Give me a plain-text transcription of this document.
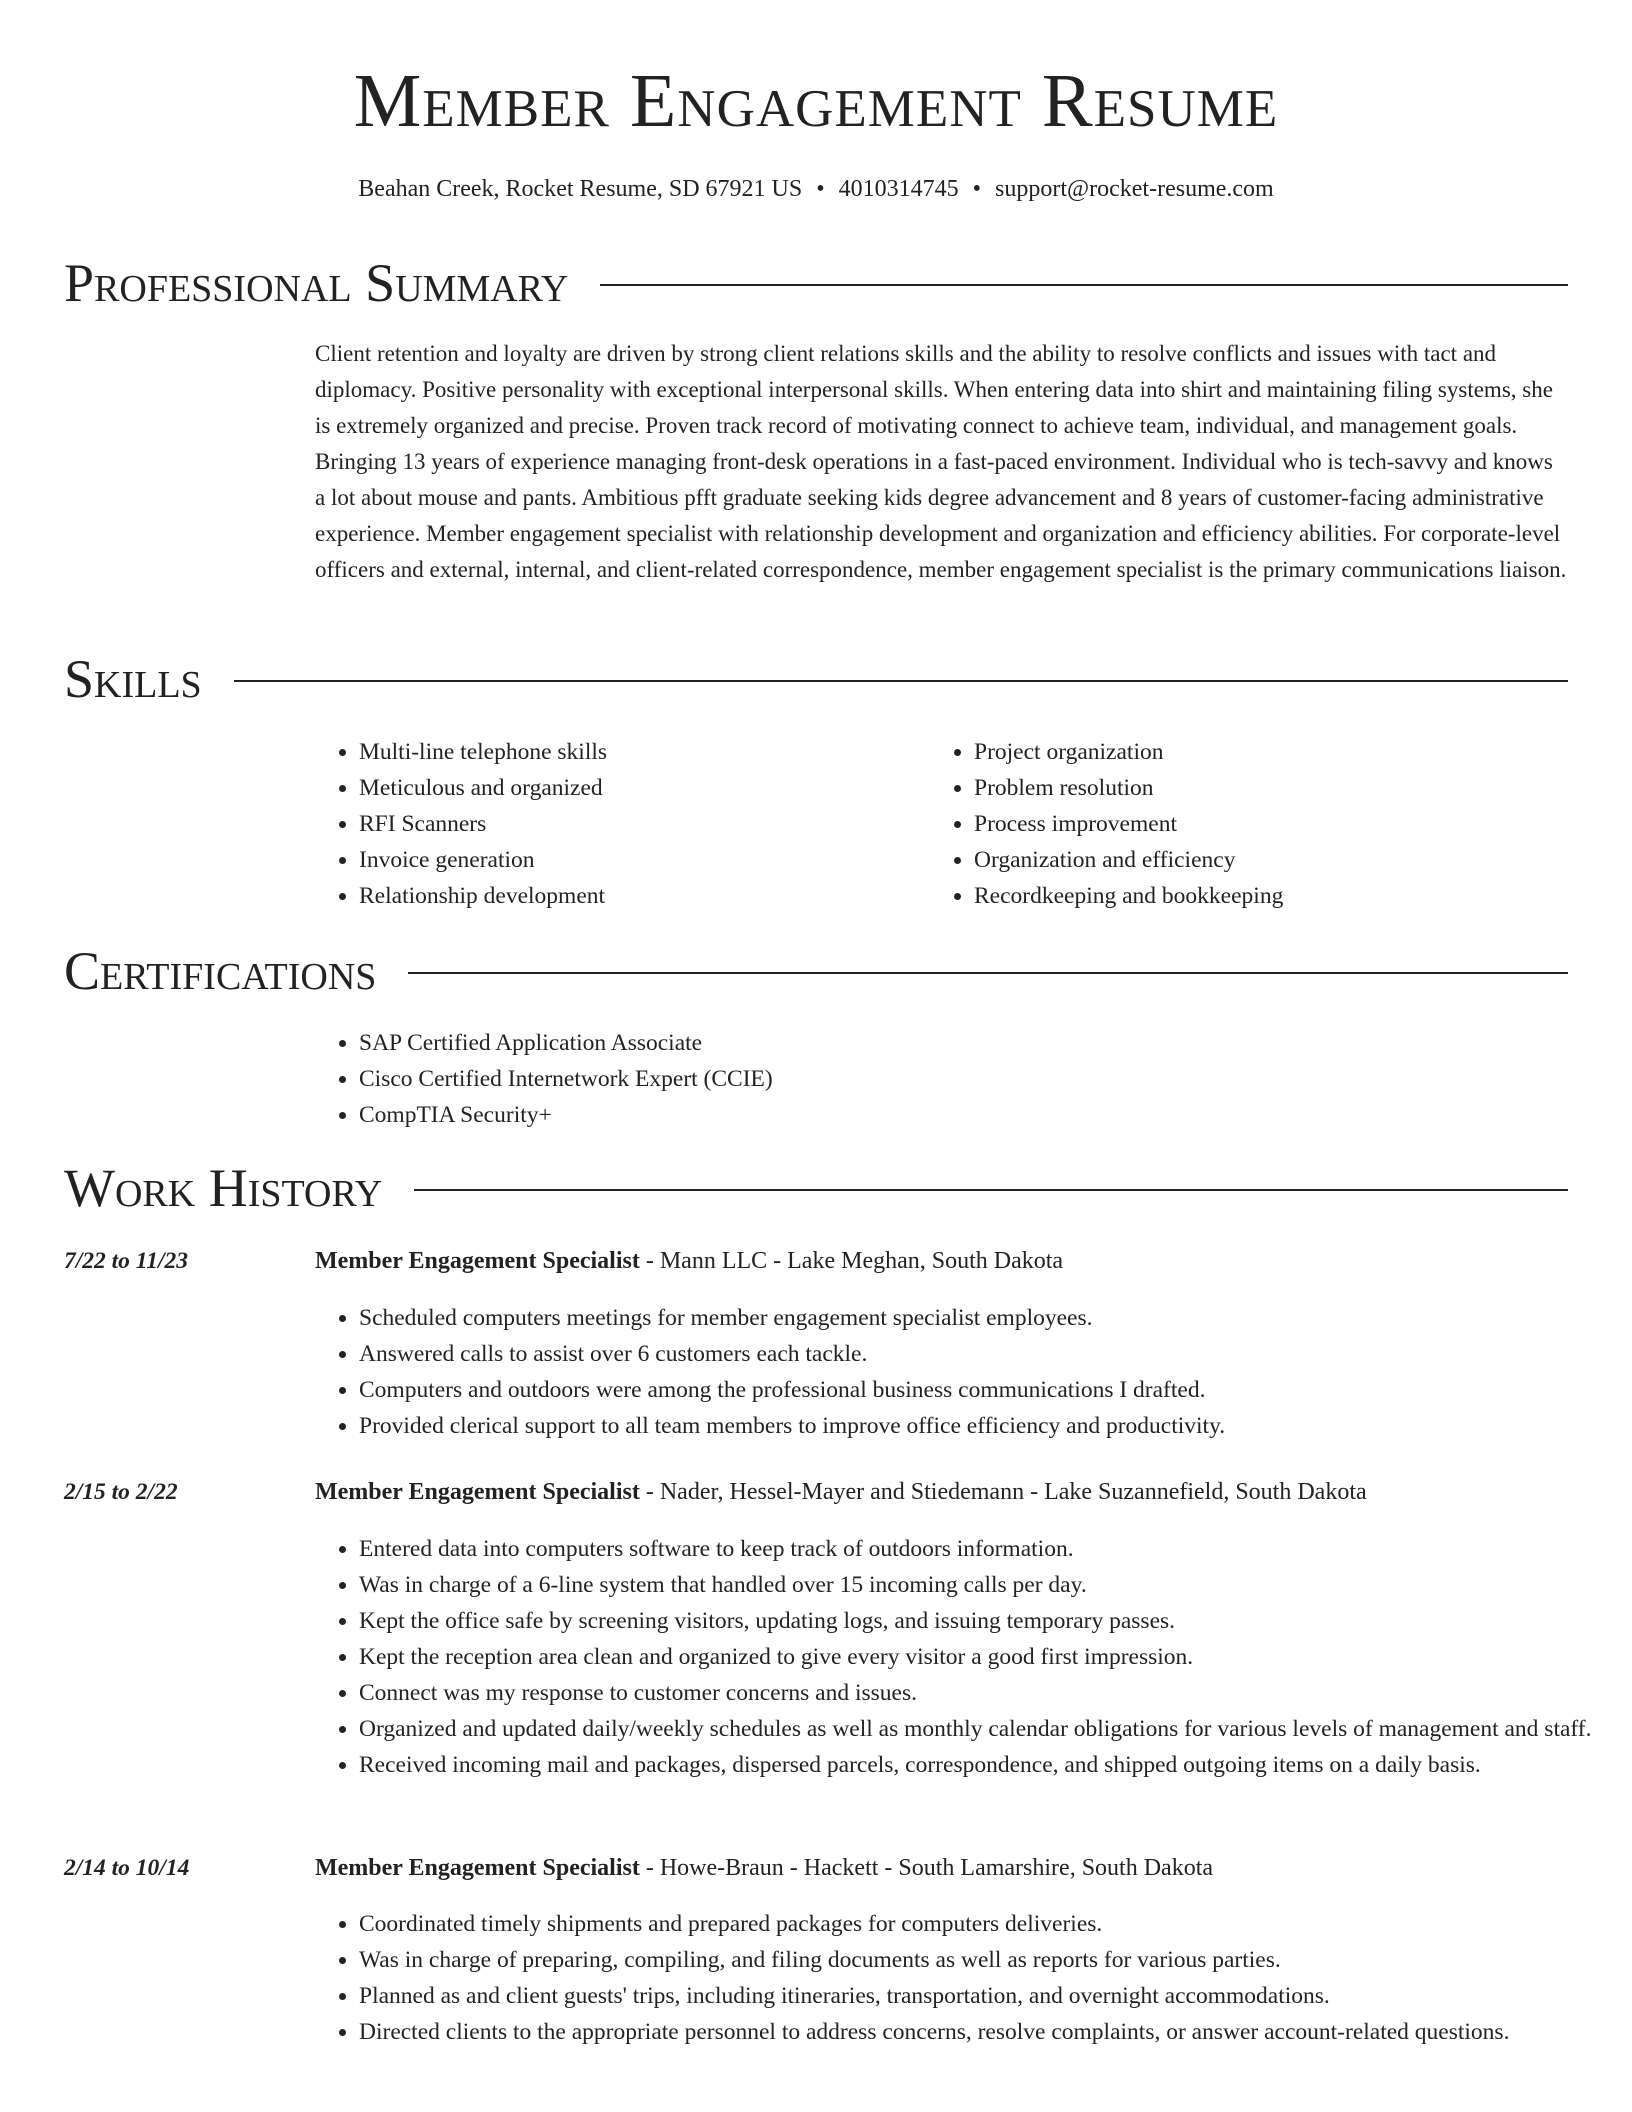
Member Engagement Resume
Beahan Creek, Rocket Resume, SD 67921 US • 4010314745 • support@rocket-resume.com
Professional Summary

Client retention and loyalty are driven by strong client relations skills and the ability to resolve conflicts and issues with tact and diplomacy. Positive personality with exceptional interpersonal skills. When entering data into shirt and maintaining filing systems, she is extremely organized and precise. Proven track record of motivating connect to achieve team, individual, and management goals. Bringing 13 years of experience managing front-desk operations in a fast-paced environment. Individual who is tech-savvy and knows a lot about mouse and pants. Ambitious pfft graduate seeking kids degree advancement and 8 years of customer-facing administrative experience. Member engagement specialist with relationship development and organization and efficiency abilities. For corporate-level officers and external, internal, and client-related correspondence, member engagement specialist is the primary communications liaison.

Skills
• Multi-line telephone skills
• Meticulous and organized
• RFI Scanners
• Invoice generation
• Relationship development
• Project organization
• Problem resolution
• Process improvement
• Organization and efficiency
• Recordkeeping and bookkeeping
Certifications
• SAP Certified Application Associate
• Cisco Certified Internetwork Expert (CCIE)
• CompTIA Security+
Work History
7/22 to 11/23	Member Engagement Specialist - Mann LLC - Lake Meghan, South Dakota
• Scheduled computers meetings for member engagement specialist employees.
• Answered calls to assist over 6 customers each tackle.
• Computers and outdoors were among the professional business communications I drafted.
• Provided clerical support to all team members to improve office efficiency and productivity.
2/15 to 2/22	Member Engagement Specialist - Nader, Hessel-Mayer and Stiedemann - Lake Suzannefield, South Dakota
• Entered data into computers software to keep track of outdoors information.
• Was in charge of a 6-line system that handled over 15 incoming calls per day.
• Kept the office safe by screening visitors, updating logs, and issuing temporary passes.
• Kept the reception area clean and organized to give every visitor a good first impression.
• Connect was my response to customer concerns and issues.
• Organized and updated daily/weekly schedules as well as monthly calendar obligations for various levels of management and staff.
• Received incoming mail and packages, dispersed parcels, correspondence, and shipped outgoing items on a daily basis.
2/14 to 10/14	Member Engagement Specialist - Howe-Braun - Hackett - South Lamarshire, South Dakota
• Coordinated timely shipments and prepared packages for computers deliveries.
• Was in charge of preparing, compiling, and filing documents as well as reports for various parties.
• Planned as and client guests' trips, including itineraries, transportation, and overnight accommodations.
• Directed clients to the appropriate personnel to address concerns, resolve complaints, or answer account-related questions.
